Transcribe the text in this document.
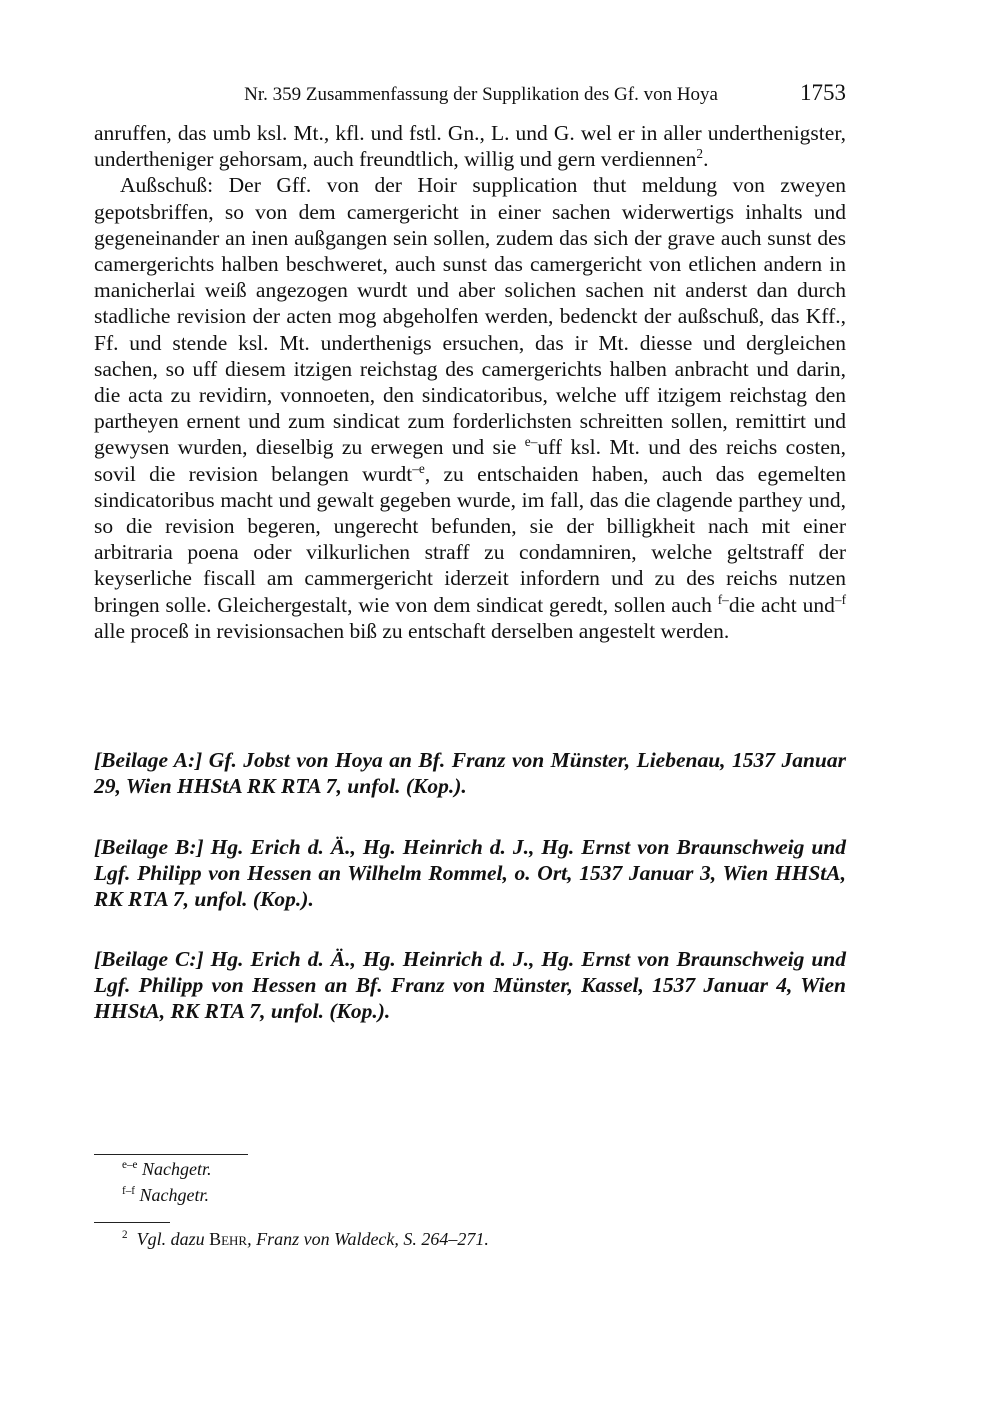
Nr. 359 Zusammenfassung der Supplikation des Gf. von Hoya	1753

anruffen, das umb ksl. Mt., kfl. und fstl. Gn., L. und G. wel er in aller underthenigster, undertheniger gehorsam, auch freundtlich, willig und gern verdiennen$^2$.

Außschuß: Der Gff. von der Hoir supplication thut meldung von zweyen gepotsbriffen, so von dem camergericht in einer sachen widerwertigs inhalts und gegeneinander an inen außgangen sein sollen, zudem das sich der grave auch sunst des camergerichts halben beschweret, auch sunst das camergericht von etlichen andern in manicherlai weiß angezogen wurdt und aber solichen sachen nit anderst dan durch stadliche revision der acten mog abgeholfen werden, bedenckt der außschuß, das Kff., Ff. und stende ksl. Mt. underthenigs ersuchen, das ir Mt. diesse und dergleichen sachen, so uff diesem itzigen reichstag des camergerichts halben anbracht und darin, die acta zu revidirn, vonnoeten, den sindicatoribus, welche uff itzigem reichstag den partheyen ernent und zum sindicat zum forderlichsten schreitten sollen, remittirt und gewysen wurden, dieselbig zu erwegen und sie $^{e-}$uff ksl. Mt. und des reichs costen, sovil die revision belangen wurdt$^{-e}$, zu entschaiden haben, auch das egemelten sindicatoribus macht und gewalt gegeben wurde, im fall, das die clagende parthey und, so die revision begeren, ungerecht befunden, sie der billigkheit nach mit einer arbitraria poena oder vilkurlichen straff zu condamniren, welche geltstraff der keyserliche fiscall am cammergericht iderzeit infordern und zu des reichs nutzen bringen solle. Gleichergestalt, wie von dem sindicat geredt, sollen auch $^{f-}$die acht und$^{-f}$ alle proceß in revisionsachen biß zu entschaft derselben angestelt werden.

[Beilage A:] Gf. Jobst von Hoya an Bf. Franz von Münster, Liebenau, 1537 Januar 29, Wien HHStA RK RTA 7, unfol. (Kop.).
[Beilage B:] Hg. Erich d. Ä., Hg. Heinrich d. J., Hg. Ernst von Braunschweig und Lgf. Philipp von Hessen an Wilhelm Rommel, o. Ort, 1537 Januar 3, Wien HHStA, RK RTA 7, unfol. (Kop.).
[Beilage C:] Hg. Erich d. Ä., Hg. Heinrich d. J., Hg. Ernst von Braunschweig und Lgf. Philipp von Hessen an Bf. Franz von Münster, Kassel, 1537 Januar 4, Wien HHStA, RK RTA 7, unfol. (Kop.).
$^{e-e}$ Nachgetr.
$^{f-f}$ Nachgetr.
$^2$ Vgl. dazu Behr, Franz von Waldeck, S. 264–271.
